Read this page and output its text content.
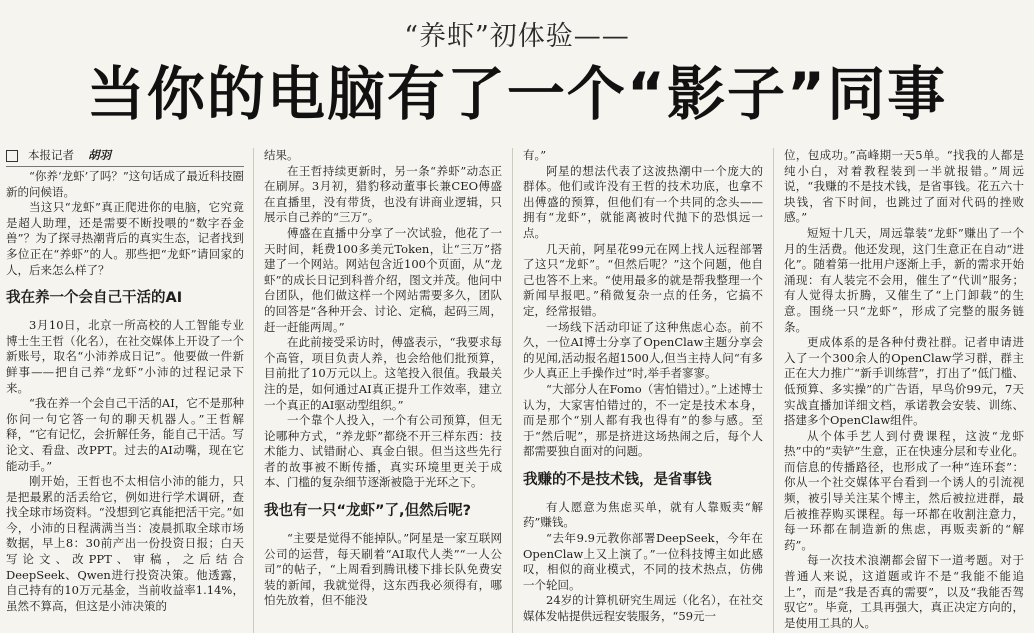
“养虾”初体验——
当你的电脑有了一个“影子”同事
本报记者 胡羽

“你养‘龙虾’了吗？”这句话成了最近科技圈新的问候语。

当这只“龙虾”真正爬进你的电脑，它究竟是超人助理，还是需要不断投喂的“数字吞金兽”？为了探寻热潮背后的真实生态，记者找到多位正在“养虾”的人。那些把“龙虾”请回家的人，后来怎么样了？

我在养一个会自己干活的AI

3月10日，北京一所高校的人工智能专业博士生王哲（化名），在社交媒体上开设了一个新账号，取名“小沛养成日记”。他要做一件新鲜事——把自己养“龙虾”小沛的过程记录下来。

“我在养一个会自己干活的AI，它不是那种你问一句它答一句的聊天机器人。”王哲解释，“它有记忆，会折解任务，能自己干活。写论文、看盘、改PPT。过去的AI动嘴，现在它能动手。”

刚开始，王哲也不太相信小沛的能力，只是把最累的活丢给它，例如进行学术调研，查找全球市场资料。“没想到它真能把活干完。”如今，小沛的日程满满当当：凌晨抓取全球市场数据，早上8：30前产出一份投资日报；白天写论文、改PPT、审稿，之后结合DeepSeek、Qwen进行投资决策。他透露，自己持有的10万元基金，当前收益率1.14%，虽然不算高，但这是小沛决策的

结果。

在王哲持续更新时，另一条“养虾”动态正在刷屏。3月初，猎豹移动董事长兼CEO傅盛在直播里，没有带货，也没有讲商业逻辑，只展示自己养的“三万”。

傅盛在直播中分享了一次试验，他花了一天时间，耗费100多美元Token，让“三万”搭建了一个网站。网站包含近100个页面，从“龙虾”的成长日记到科普介绍，图文并茂。他问中台团队，他们做这样一个网站需要多久，团队的回答是“各种开会、讨论、定稿，起码三周，赶一赶能两周。”

在此前接受采访时，傅盛表示，“我要求每个高管，项目负责人养，也会给他们批预算，目前批了10万元以上。这笔投入很值。我最关注的是，如何通过AI真正提升工作效率，建立一个真正的AI驱动型组织。”

一个靠个人投入，一个有公司预算，但无论哪种方式，“养龙虾”都绕不开三样东西：技术能力、试错耐心、真金白银。但当这些先行者的故事被不断传播，真实环境里更关于成本、门槛的复杂细节逐渐被隐于光环之下。

我也有一只“龙虾”了,但然后呢?

“主要是觉得不能掉队。”阿星是一家互联网公司的运营，每天刷着“AI取代人类”“一人公司”的帖子，“上周看到腾讯楼下排长队免费安装的新闻，我就觉得，这东西我必须得有，哪怕先放着，但不能没

有。”

阿星的想法代表了这波热潮中一个庞大的群体。他们或许没有王哲的技术功底，也拿不出傅盛的预算，但他们有一个共同的念头——拥有“龙虾”，就能离被时代抛下的恐惧远一点。

几天前，阿星花99元在网上找人远程部署了这只“龙虾”。“但然后呢？”这个问题，他自己也答不上来。“使用最多的就是帮我整理一个新闻早报吧。”稍微复杂一点的任务，它搞不定，经常报错。

一场线下活动印证了这种焦虑心态。前不久，一位AI博士分享了OpenClaw主题分享会的见闻,活动报名超1500人,但当主持人问“有多少人真正上手操作过”时,举手者寥寥。

“大部分人在Fomo（害怕错过）。”上述博士认为，大家害怕错过的，不一定是技术本身，而是那个“别人都有我也得有”的参与感。至于“然后呢”，那是挤进这场热闹之后，每个人都需要独自面对的问题。

我赚的不是技术钱，是省事钱

有人愿意为焦虑买单，就有人靠贩卖“解药”赚钱。

“去年9.9元教你部署DeepSeek，今年在OpenClaw上又上演了。”一位科技博主如此感叹，相似的商业模式，不同的技术热点，仿佛一个轮回。

24岁的计算机研究生周远（化名），在社交媒体发帖提供远程安装服务，“59元一

位，包成功。”高峰期一天5单。“找我的人都是纯小白，对着教程装到一半就报错。”周远说，“我赚的不是技术钱，是省事钱。花五六十块钱，省下时间，也跳过了面对代码的挫败感。”

短短十几天，周远靠装“龙虾”赚出了一个月的生活费。他还发现，这门生意正在自动“进化”。随着第一批用户逐渐上手，新的需求开始涌现：有人装完不会用，催生了“代训”服务；有人觉得太折腾，又催生了“上门卸载”的生意。围绕一只“龙虾”，形成了完整的服务链条。

更成体系的是各种付费社群。记者申请进入了一个300余人的OpenClaw学习群，群主正在大力推广“新手训练营”，打出了“低门槛、低预算、多实操”的广告语，早鸟价99元，7天实战直播加详细文档，承诺教会安装、训练、搭建多个OpenClaw组件。

从个体手艺人到付费课程，这波“龙虾热”中的“卖铲”生意，正在快速分层和专业化。而信息的传播路径，也形成了一种“连环套”：你从一个社交媒体平台看到一个诱人的引流视频，被引导关注某个博主，然后被拉进群，最后被推荐购买课程。每一环都在收割注意力，每一环都在制造新的焦虑，再贩卖新的“解药”。

每一次技术浪潮都会留下一道考题。对于普通人来说，这道题或许不是“我能不能追上”，而是“我是否真的需要”，以及“我能否驾驭它”。毕竟，工具再强大，真正决定方向的，是使用工具的人。
